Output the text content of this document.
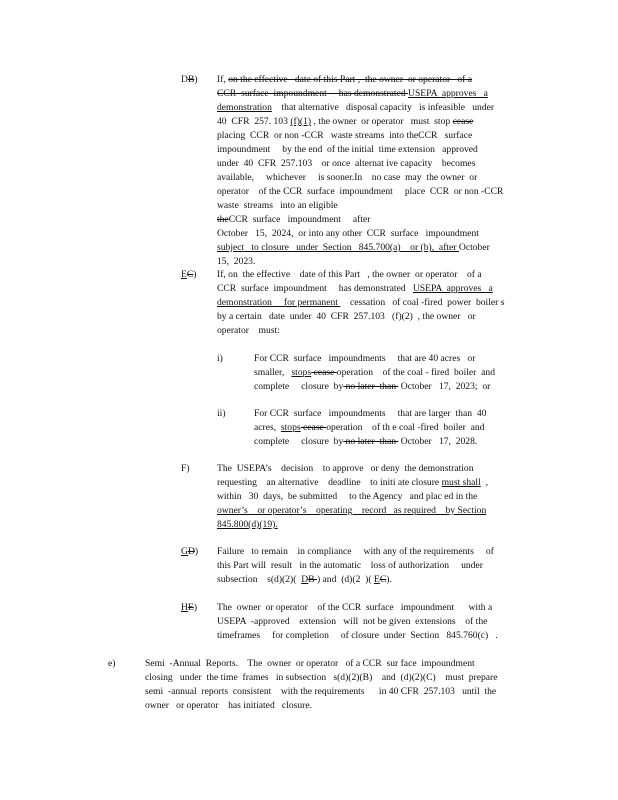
DB) If, on the effective   date of this Part ,  the owner  or operator   of a
CCR  surface  impoundment     has demonstrated USEPA  approves   a
demonstration    that alternative   disposal capacity   is infeasible   under
40  CFR  257. 103 (f)(1) , the owner  or operator   must  stop cease
placing  CCR  or non -CCR   waste streams  into theCCR   surface
impoundment     by the end  of the initial  time extension   approved
under  40  CFR  257.103    or once  alternat ive capacity    becomes
available,     whichever     is sooner.In    no case  may  the owner  or
operator    of the CCR  surface  impoundment     place  CCR  or non -CCR
waste  streams   into an eligible
theCCR  surface   impoundment     after
October   15,  2024,  or into any other  CCR  surface   impoundment
subject   to closure   under  Section   845.700(a)    or (b),  after October
15,  2023.
EC) If, on  the effective    date of this Part   , the owner  or operator    of a
CCR  surface  impoundment     has demonstrated   USEPA  approves   a
demonstration     for permanent     cessation   of coal -fired  power  boiler s
by a certain   date  under  40  CFR  257.103   (f)(2)  , the owner   or
operator    must:
i)	For CCR  surface   impoundments     that are 40 acres   or
smaller,   stops cease operation    of the coal - fired  boiler  and
complete     closure  by no later  than  October   17,  2023;  or
ii)	For CCR  surface   impoundments     that are larger  than  40
acres,  stops cease operation    of th e coal -fired  boiler  and
complete     closure  by no later  than  October   17,  2028.
F)	The  USEPA’s    decision    to approve   or deny  the demonstration
requesting    an alternative    deadline    to initi ate closure must shall  ,
within   30  days,  be submitted     to the Agency   and plac ed in the
owner’s    or operator’s    operating    record   as required    by Section
845.800(d)(19).
GD) Failure   to remain    in compliance     with any of the requirements     of
this Part will  result   in the automatic    loss of authorization     under
subsection    s(d)(2)(  DB ) and  (d)(2  )( EC).
HE) The  owner  or operator    of the CCR  surface   impoundment      with a
USEPA  -approved    extension   will  not be given  extensions    of the
timeframes     for completion     of closure  under  Section   845.760(c)   .
e)	Semi  -Annual  Reports.    The  owner  or operator   of a CCR  sur face  impoundment
closing   under  the time  frames   in subsection   s(d)(2)(B)    and  (d)(2)(C)    must  prepare
semi  -annual  reports  consistent    with the requirements      in 40 CFR  257.103   until  the
owner   or operator    has initiated   closure.
